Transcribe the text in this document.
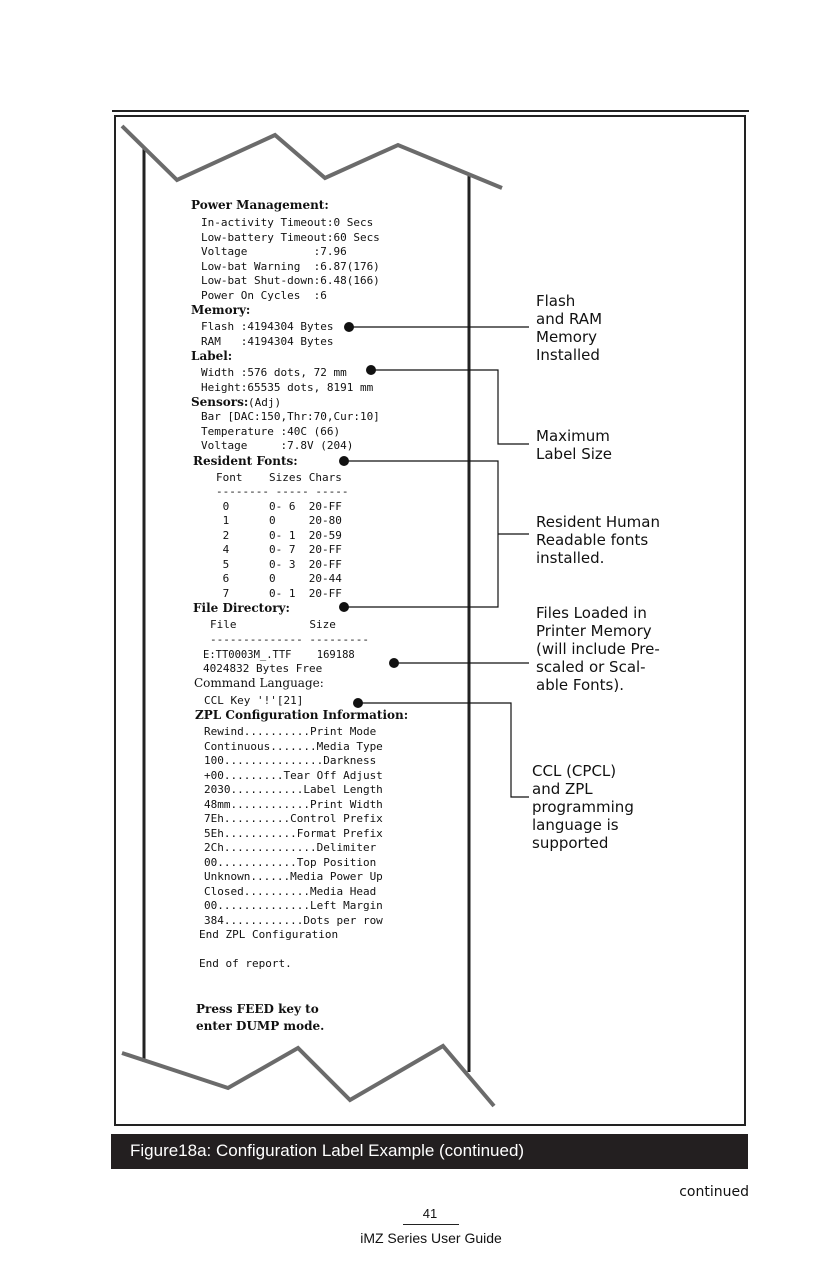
Power Management:
In-activity Timeout:0 Secs
Low-battery Timeout:60 Secs
Voltage          :7.96
Low-bat Warning  :6.87(176)
Low-bat Shut-down:6.48(166)
Power On Cycles  :6
Memory:
Flash :4194304 Bytes
RAM   :4194304 Bytes
Label:
Width :576 dots, 72 mm
Height:65535 dots, 8191 mm
Sensors: (Adj)
Bar [DAC:150,Thr:70,Cur:10]
Temperature :40C (66)
Voltage     :7.8V (204)
Resident Fonts:
Font    Sizes Chars
-------- ----- -----
0      0- 6  20-FF
1      0     20-80
2      0- 1  20-59
4      0- 7  20-FF
5      0- 3  20-FF
6      0     20-44
7      0- 1  20-FF
File Directory:
File           Size
-------------- ---------
E:TT0003M_.TTF    169188
4024832 Bytes Free
Command Language:
CCL Key '!'[21]
ZPL Configuration Information:
Rewind..........Print Mode
Continuous.......Media Type
100...............Darkness
+00.........Tear Off Adjust
2030...........Label Length
48mm............Print Width
7Eh..........Control Prefix
5Eh...........Format Prefix
2Ch..............Delimiter
00............Top Position
Unknown......Media Power Up
Closed..........Media Head
00..............Left Margin
384............Dots per row
End ZPL Configuration
End of report.
Press FEED key to
enter DUMP mode.
Flash
and RAM
Memory
Installed
Maximum
Label Size
Resident Human
Readable fonts
installed.
Files Loaded in
Printer Memory
(will include Pre-
scaled or Scal-
able Fonts).
CCL (CPCL)
and ZPL
programming
language is
supported
Figure18a: Configuration Label Example (continued)
continued
41
iMZ Series User Guide
